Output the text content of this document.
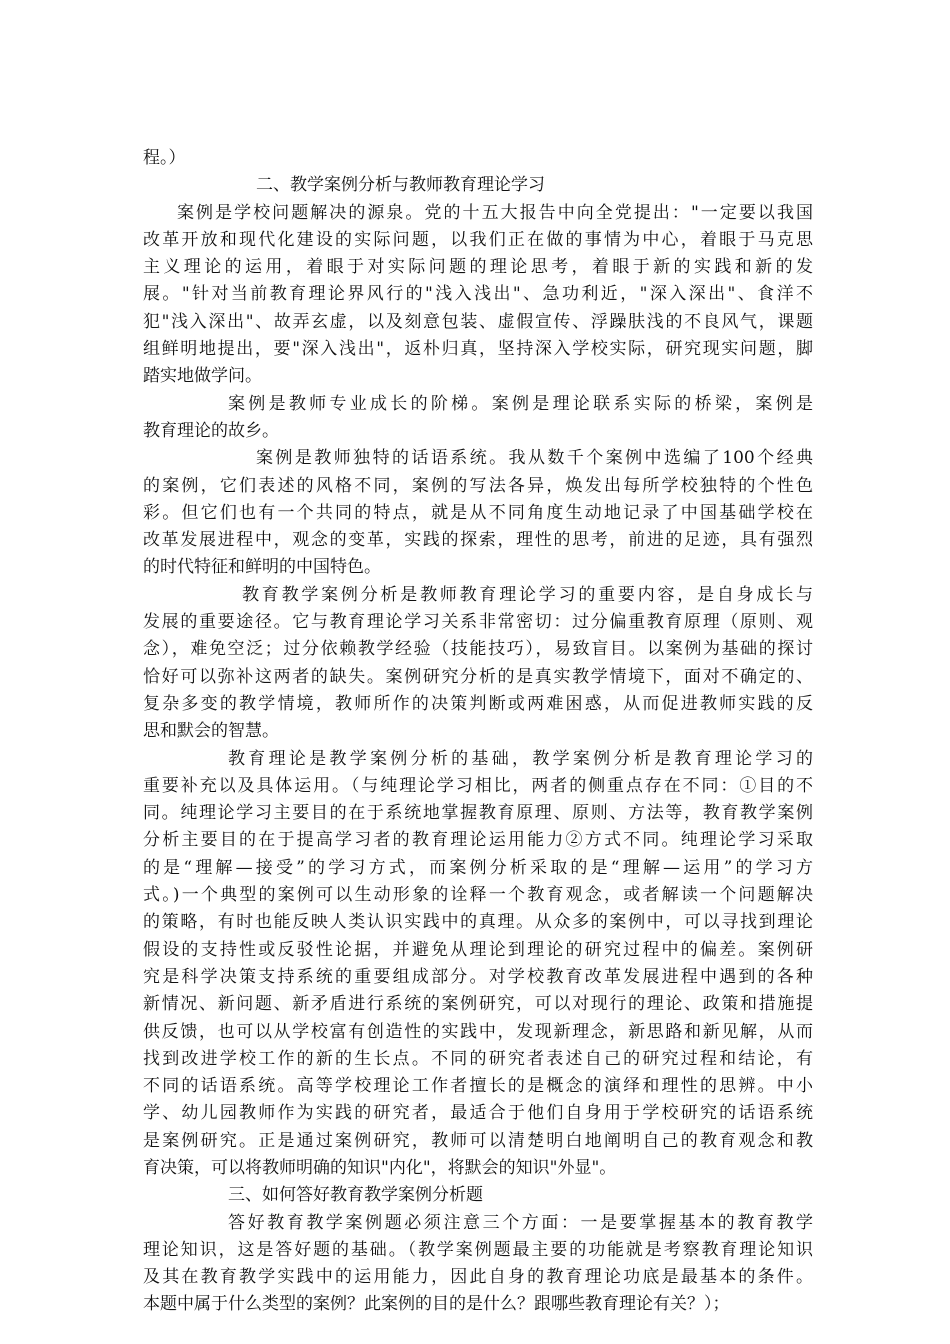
程。）
二、教学案例分析与教师教育理论学习
案例是学校问题解决的源泉。党的十五大报告中向全党提出："一定要以我国
改革开放和现代化建设的实际问题，以我们正在做的事情为中心，着眼于马克思
主义理论的运用，着眼于对实际问题的理论思考，着眼于新的实践和新的发
展。"针对当前教育理论界风行的"浅入浅出"、急功利近，"深入深出"、食洋不
犯"浅入深出"、故弄玄虚，以及刻意包装、虚假宣传、浮躁肤浅的不良风气，课题
组鲜明地提出，要"深入浅出"，返朴归真，坚持深入学校实际，研究现实问题，脚
踏实地做学问。
案例是教师专业成长的阶梯。案例是理论联系实际的桥梁，案例是
教育理论的故乡。
案例是教师独特的话语系统。我从数千个案例中选编了100个经典
的案例，它们表述的风格不同，案例的写法各异，焕发出每所学校独特的个性色
彩。但它们也有一个共同的特点，就是从不同角度生动地记录了中国基础学校在
改革发展进程中，观念的变革，实践的探索，理性的思考，前进的足迹，具有强烈
的时代特征和鲜明的中国特色。
教育教学案例分析是教师教育理论学习的重要内容，是自身成长与
发展的重要途径。它与教育理论学习关系非常密切：过分偏重教育原理（原则、观
念），难免空泛；过分依赖教学经验（技能技巧），易致盲目。以案例为基础的探讨
恰好可以弥补这两者的缺失。案例研究分析的是真实教学情境下，面对不确定的、
复杂多变的教学情境，教师所作的决策判断或两难困惑，从而促进教师实践的反
思和默会的智慧。
教育理论是教学案例分析的基础，教学案例分析是教育理论学习的
重要补充以及具体运用。（与纯理论学习相比，两者的侧重点存在不同：①目的不
同。纯理论学习主要目的在于系统地掌握教育原理、原则、方法等，教育教学案例
分析主要目的在于提高学习者的教育理论运用能力②方式不同。纯理论学习采取
的是“理解—接受”的学习方式，而案例分析采取的是“理解—运用”的学习方
式。)一个典型的案例可以生动形象的诠释一个教育观念，或者解读一个问题解决
的策略，有时也能反映人类认识实践中的真理。从众多的案例中，可以寻找到理论
假设的支持性或反驳性论据，并避免从理论到理论的研究过程中的偏差。案例研
究是科学决策支持系统的重要组成部分。对学校教育改革发展进程中遇到的各种
新情况、新问题、新矛盾进行系统的案例研究，可以对现行的理论、政策和措施提
供反馈，也可以从学校富有创造性的实践中，发现新理念，新思路和新见解，从而
找到改进学校工作的新的生长点。不同的研究者表述自己的研究过程和结论，有
不同的话语系统。高等学校理论工作者擅长的是概念的演绎和理性的思辨。中小
学、幼儿园教师作为实践的研究者，最适合于他们自身用于学校研究的话语系统
是案例研究。正是通过案例研究，教师可以清楚明白地阐明自己的教育观念和教
育决策，可以将教师明确的知识"内化"，将默会的知识"外显"。
三、如何答好教育教学案例分析题
答好教育教学案例题必须注意三个方面：一是要掌握基本的教育教学
理论知识，这是答好题的基础。（教学案例题最主要的功能就是考察教育理论知识
及其在教育教学实践中的运用能力，因此自身的教育理论功底是最基本的条件。
本题中属于什么类型的案例？此案例的目的是什么？跟哪些教育理论有关？）；
